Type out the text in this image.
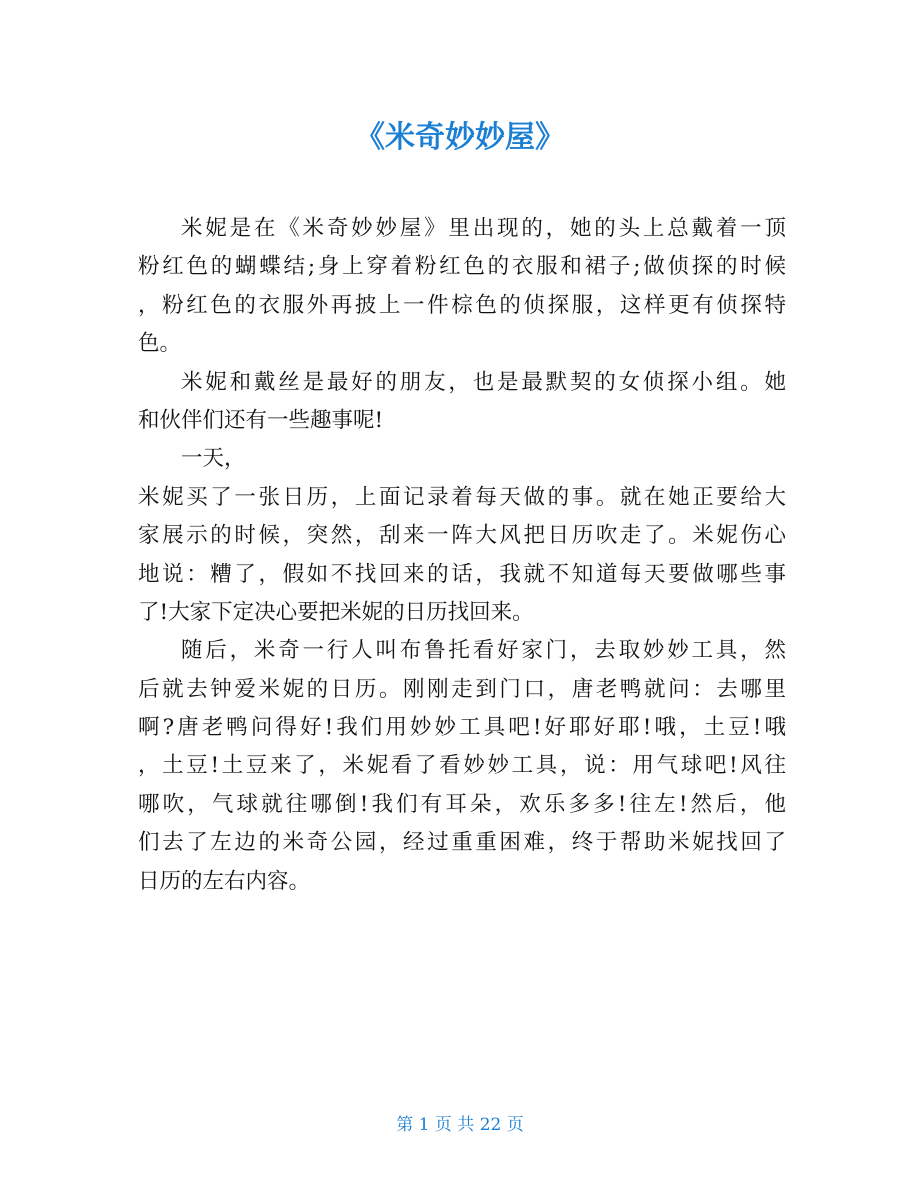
《米奇妙妙屋》

米妮是在《米奇妙妙屋》里出现的，她的头上总戴着一顶
粉红色的蝴蝶结;身上穿着粉红色的衣服和裙子;做侦探的时候
，粉红色的衣服外再披上一件棕色的侦探服，这样更有侦探特
色。

米妮和戴丝是最好的朋友，也是最默契的女侦探小组。她
和伙伴们还有一些趣事呢!

一天，
米妮买了一张日历，上面记录着每天做的事。就在她正要给大
家展示的时候，突然，刮来一阵大风把日历吹走了。米妮伤心
地说：糟了，假如不找回来的话，我就不知道每天要做哪些事
了!大家下定决心要把米妮的日历找回来。

随后，米奇一行人叫布鲁托看好家门，去取妙妙工具，然
后就去钟爱米妮的日历。刚刚走到门口，唐老鸭就问：去哪里
啊?唐老鸭问得好!我们用妙妙工具吧!好耶好耶!哦，土豆!哦
，土豆!土豆来了，米妮看了看妙妙工具，说：用气球吧!风往
哪吹，气球就往哪倒!我们有耳朵，欢乐多多!往左!然后，他
们去了左边的米奇公园，经过重重困难，终于帮助米妮找回了
日历的左右内容。

第 1 页 共 22 页
